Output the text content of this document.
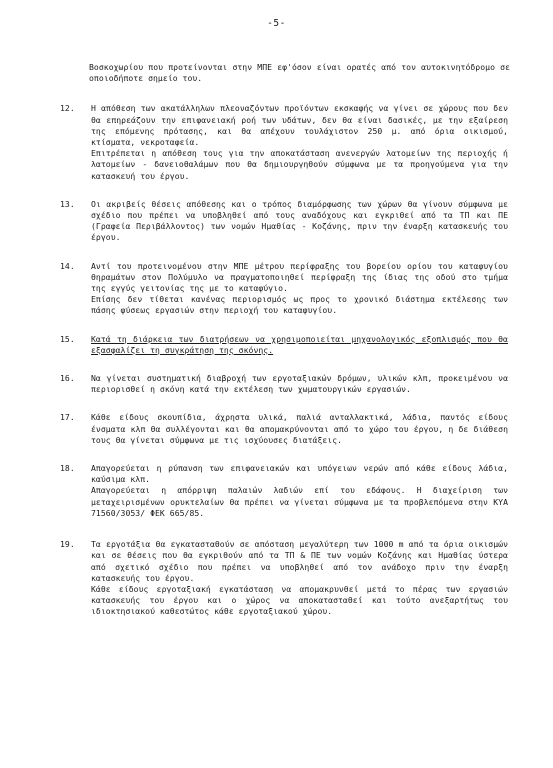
-5-

Βοσκοχωρίου που προτείνονται στην ΜΠΕ εφ'όσον είναι ορατές από τον αυτοκινητόδρομο σε οποιοδήποτε σημείο του.

12.	Η απόθεση των ακατάλληλων πλεοναζόντων προϊόντων εκσκαφής να γίνει σε χώρους που δεν θα επηρεάζουν την επιφανειακή ροή των υδάτων, δεν θα είναι δασικές, με την εξαίρεση της επόμενης πρότασης, και θα απέχουν τουλάχιστον 250 μ. από όρια οικισμού, κτίσματα, νεκροταφεία.

Επιτρέπεται η απόθεση τους για την αποκατάσταση ανενεργών λατομείων της περιοχής ή λατομείων - δανειοθαλάμων που θα δημιουργηθούν σύμφωνα με τα προηγούμενα για την κατασκευή του έργου.

13.	Οι ακριβείς θέσεις απόθεσης και ο τρόπος διαμόρφωσης των χώρων θα γίνουν σύμφωνα με σχέδιο που πρέπει να υποβληθεί από τους αναδόχους και εγκριθεί από τα ΤΠ και ΠΕ (Γραφεία Περιβάλλοντος) των νομών Ημαθίας - Κοζάνης, πριν την έναρξη κατασκευής του έργου.

14.	Αντί του προτεινομένου στην ΜΠΕ μέτρου περίφραξης του βορείου ορίου του καταφυγίου θηραμάτων στον Πολύμυλο να πραγματοποιηθεί περίφραξη της ίδιας της οδού στο τμήμα της εγγύς γειτονίας της με το καταφύγιο.

Επίσης δεν τίθεται κανένας περιορισμός ως προς το χρονικό διάστημα εκτέλεσης των πάσης φύσεως εργασιών στην περιοχή του καταφυγίου.

15.	Κατά τη διάρκεια των διατρήσεων να χρησιμοποιείται μηχανολογικός εξοπλισμός που θα εξασφαλίζει τη συγκράτηση της σκόνης.

16.	Να γίνεται συστηματική διαβροχή των εργοταξιακών δρόμων, υλικών κλπ, προκειμένου να περιορισθεί η σκόνη κατά την εκτέλεση των χωματουργικών εργασιών.

17.	Κάθε είδους σκουπίδια, άχρηστα υλικά, παλιά ανταλλακτικά, λάδια, παντός είδους ένσματα κλπ θα συλλέγονται και θα απομακρύνονται από το χώρο του έργου, η δε διάθεση τους θα γίνεται σύμφωνα με τις ισχύουσες διατάξεις.

18.	Απαγορεύεται η ρύπανση των επιφανειακών και υπόγειων νερών από κάθε είδους λάδια, καύσιμα κλπ.

Απαγορεύεται η απόρριψη παλαιών λαδιών επί του εδάφους. Η διαχείριση των μεταχειρισμένων ορυκτελαίων θα πρέπει να γίνεται σύμφωνα με τα προβλεπόμενα στην ΚΥΑ 71560/3053/ ΦΕΚ 665/85.

19.	Τα εργοτάξια θα εγκατασταθούν σε απόσταση μεγαλύτερη των 1000 m από τα όρια οικισμών και σε θέσεις που θα εγκριθούν από τα ΤΠ & ΠΕ των νομών Κοζάνης και Ημαθίας ύστερα από σχετικό σχέδιο που πρέπει να υποβληθεί από τον ανάδοχο πριν την έναρξη κατασκευής του έργου.

Κάθε είδους εργοταξιακή εγκατάσταση να απομακρυνθεί μετά το πέρας των εργασιών κατασκευής του έργου και ο χώρος να αποκατασταθεί και τούτο ανεξαρτήτως του ιδιοκτησιακού καθεστώτος κάθε εργοταξιακού χώρου.
